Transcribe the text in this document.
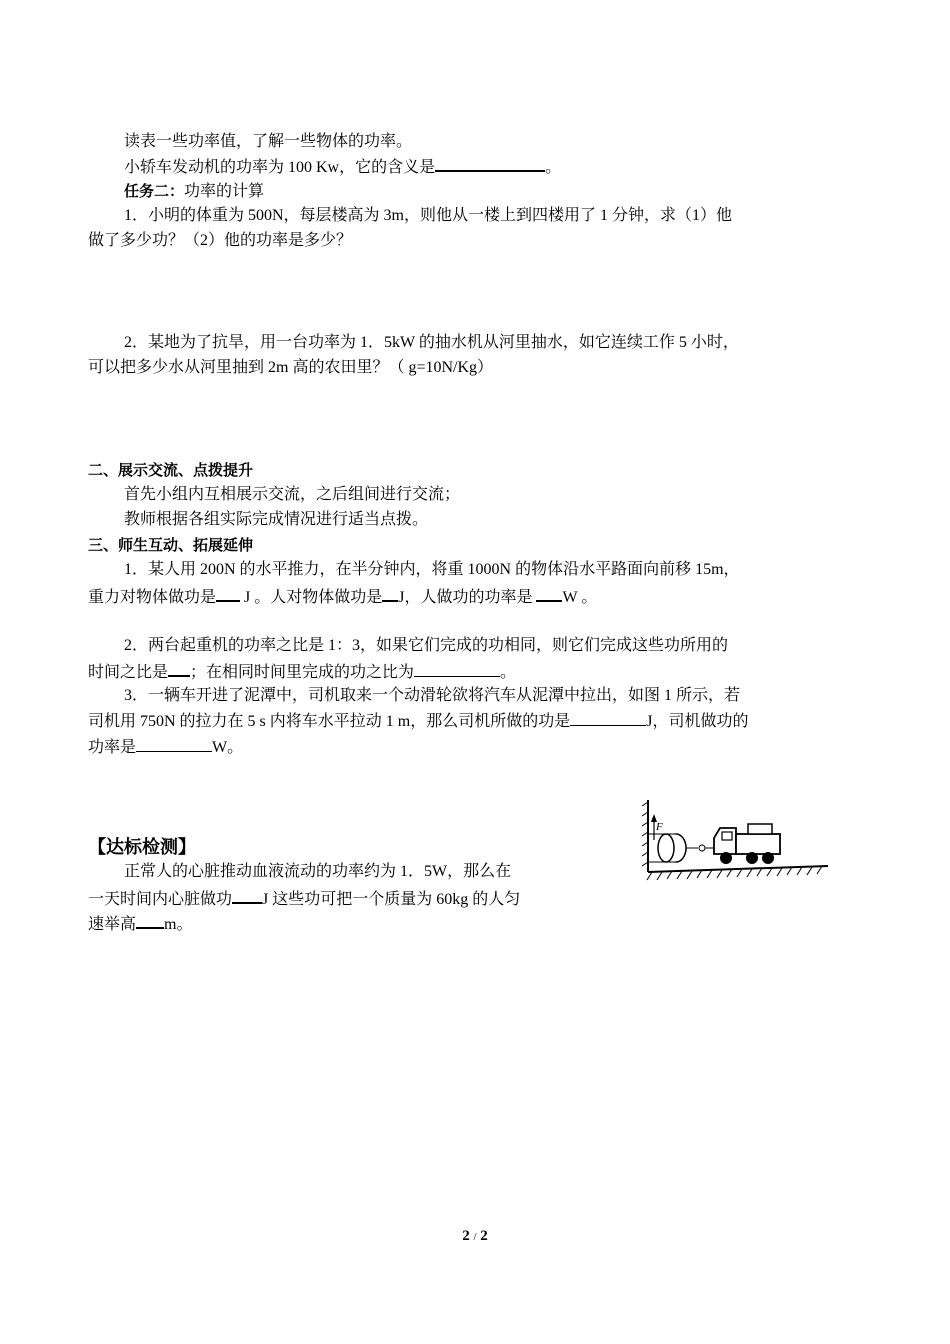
读表一些功率值，了解一些物体的功率。
小轿车发动机的功率为 100 Kw，它的含义是	。
任务二：功率的计算
1．小明的体重为 500N，每层楼高为 3m，则他从一楼上到四楼用了 1 分钟，求（1）他
做了多少功？（2）他的功率是多少？
2．某地为了抗旱，用一台功率为 1．5kW 的抽水机从河里抽水，如它连续工作 5 小时，
可以把多少水从河里抽到 2m 高的农田里？（ g=10N/Kg）
二、展示交流、点拨提升
首先小组内互相展示交流，之后组间进行交流；
教师根据各组实际完成情况进行适当点拨。
三、师生互动、拓展延伸
1．某人用 200N 的水平推力，在半分钟内，将重 1000N 的物体沿水平路面向前移 15m，
重力对物体做功是 J 。人对物体做功是 J，人做功的功率是 W 。
2．两台起重机的功率之比是 1：3，如果它们完成的功相同，则它们完成这些功所用的
时间之比是 ；在相同时间里完成的功之比为	。
3．一辆车开进了泥潭中，司机取来一个动滑轮欲将汽车从泥潭中拉出，如图 1 所示，若
司机用 750N 的拉力在 5 s 内将车水平拉动 1 m，那么司机所做的功是	J，司机做功的
功率是	W。
【达标检测】
正常人的心脏推动血液流动的功率约为 1．5W，那么在
一天时间内心脏做功 J 这些功可把一个质量为 60kg 的人匀
速举高 m。
F
2 / 2
